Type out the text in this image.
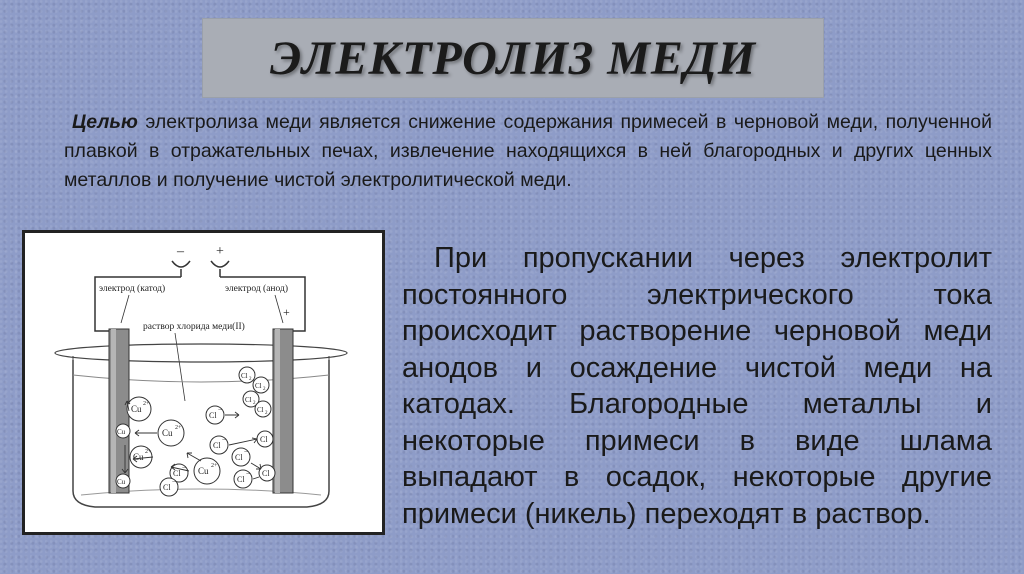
ЭЛЕКТРОЛИЗ МЕДИ
Целью электролиза меди является снижение содержания примесей в черновой меди, полученной плавкой в отражательных печах, извлечение находящихся в ней благородных и других ценных металлов и получение чистой электролитической меди.
– +
электрод (катод)	электрод (анод)
+
раствор хлорида меди(II)
Cu 2+
Cu 2+
Cu 2+
Cu 2+
Cu
Cu
Cl
−
Cl
−
Cl
−
Cl
−
Cl
−
Cl
−
Cl
Cl
Cl 2
Cl 2
Cl 2
Cl 2
При пропускании через электролит постоянного электрического тока происходит растворение черновой меди анодов и осаждение чистой меди на катодах. Благородные металлы и некоторые примеси в виде шлама выпадают в осадок, некоторые другие примеси (никель) переходят в раствор.
